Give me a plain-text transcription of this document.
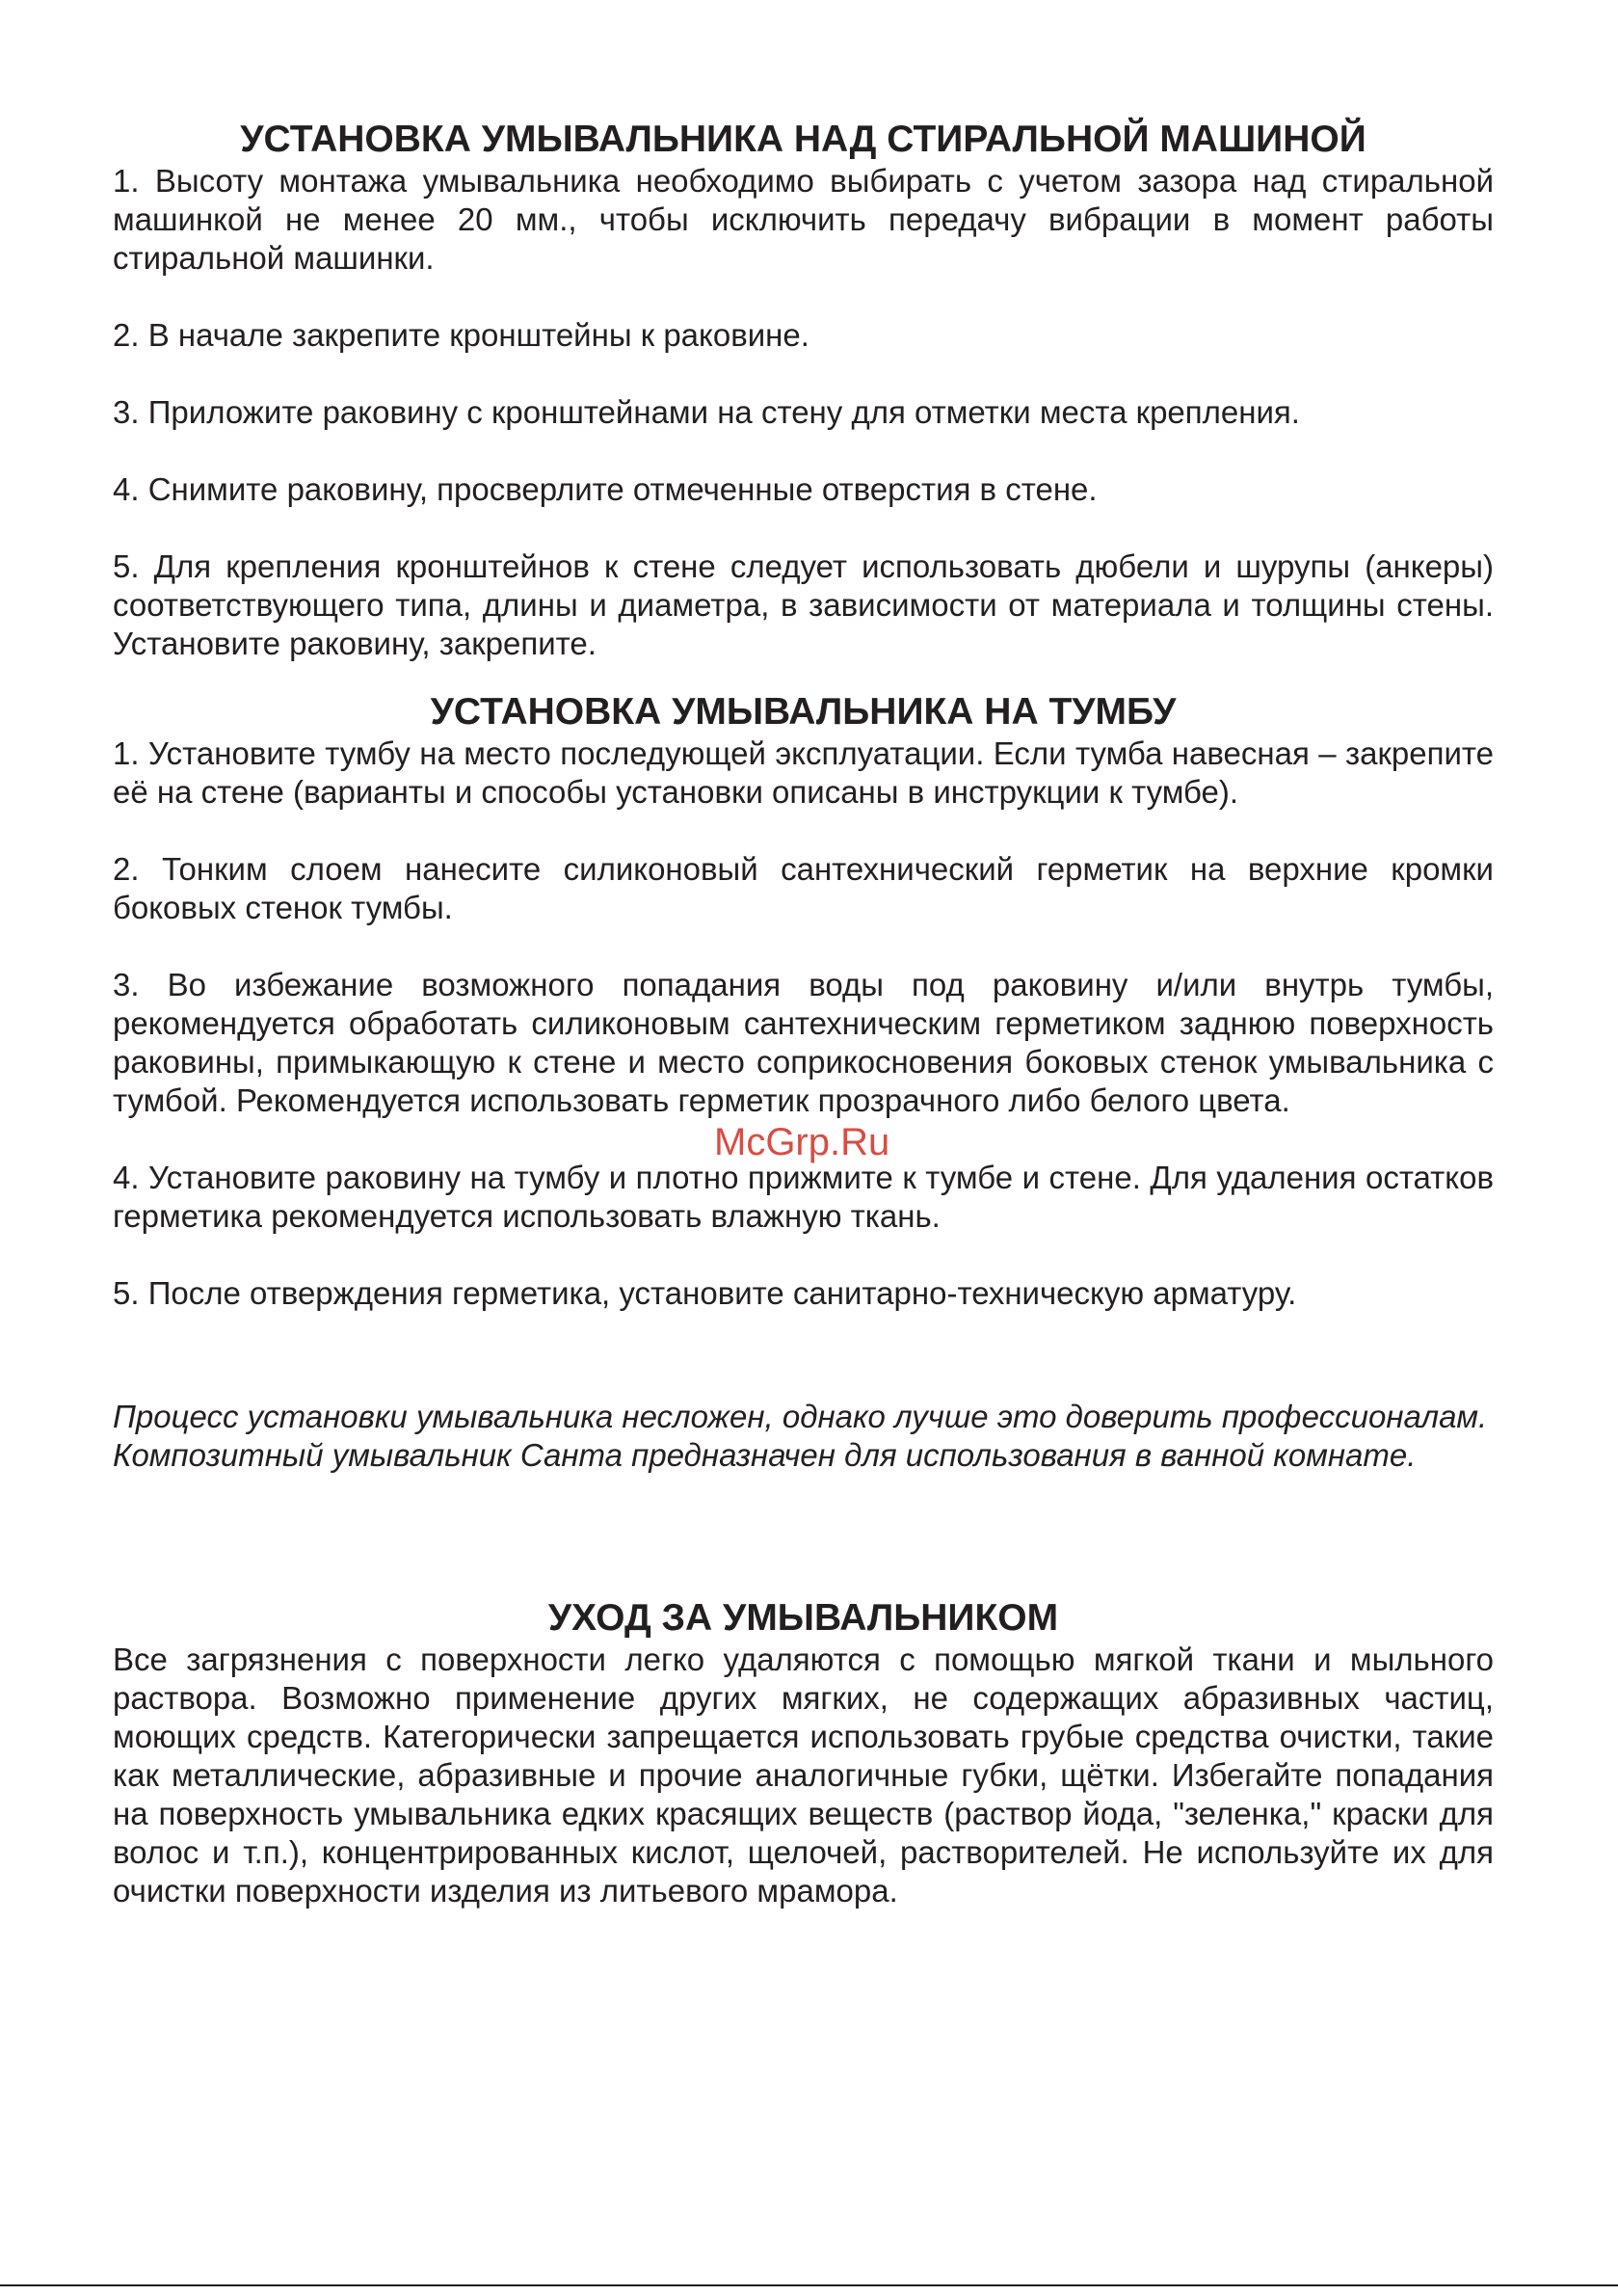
УСТАНОВКА УМЫВАЛЬНИКА НАД СТИРАЛЬНОЙ МАШИНОЙ

1. Высоту монтажа умывальника необходимо выбирать с учетом зазора над стиральной машинкой не менее 20 мм., чтобы исключить передачу вибрации в момент работы стиральной машинки.

2. В начале закрепите кронштейны к раковине.

3. Приложите раковину с кронштейнами на стену для отметки места крепления.

4. Снимите раковину, просверлите отмеченные отверстия в стене.

5. Для крепления кронштейнов к стене следует использовать дюбели и шурупы (анкеры) соответствующего типа, длины и диаметра, в зависимости от материала и толщины стены. Установите раковину, закрепите.

УСТАНОВКА УМЫВАЛЬНИКА НА ТУМБУ

1. Установите тумбу на место последующей эксплуатации. Если тумба навесная – закрепите её на стене (варианты и способы установки описаны в инструкции к тумбе).

2. Тонким слоем нанесите силиконовый сантехнический герметик на верхние кромки боковых стенок тумбы.

3. Во избежание возможного попадания воды под раковину и/или внутрь тумбы, рекомендуется обработать силиконовым сантехническим герметиком заднюю поверхность раковины, примыкающую к стене и место соприкосновения боковых стенок умывальника с тумбой. Рекомендуется использовать герметик прозрачного либо белого цвета.

4. Установите раковину на тумбу и плотно прижмите к тумбе и стене. Для удаления остатков герметика рекомендуется использовать влажную ткань.

5. После отверждения герметика, установите санитарно-техническую арматуру.

Процесс установки умывальника несложен, однако лучше это доверить профессионалам.

Композитный умывальник Санта предназначен для использования в ванной комнате.

УХОД ЗА УМЫВАЛЬНИКОМ

Все загрязнения с поверхности легко удаляются с помощью мягкой ткани и мыльного раствора. Возможно применение других мягких, не содержащих абразивных частиц, моющих средств. Категорически запрещается использовать грубые средства очистки, такие как металлические, абразивные и прочие аналогичные губки, щётки. Избегайте попадания на поверхность умывальника едких красящих веществ (раствор йода, "зеленка," краски для волос и т.п.), концентрированных кислот, щелочей, растворителей. Не используйте их для очистки поверхности изделия из литьевого мрамора.

McGrp.Ru
